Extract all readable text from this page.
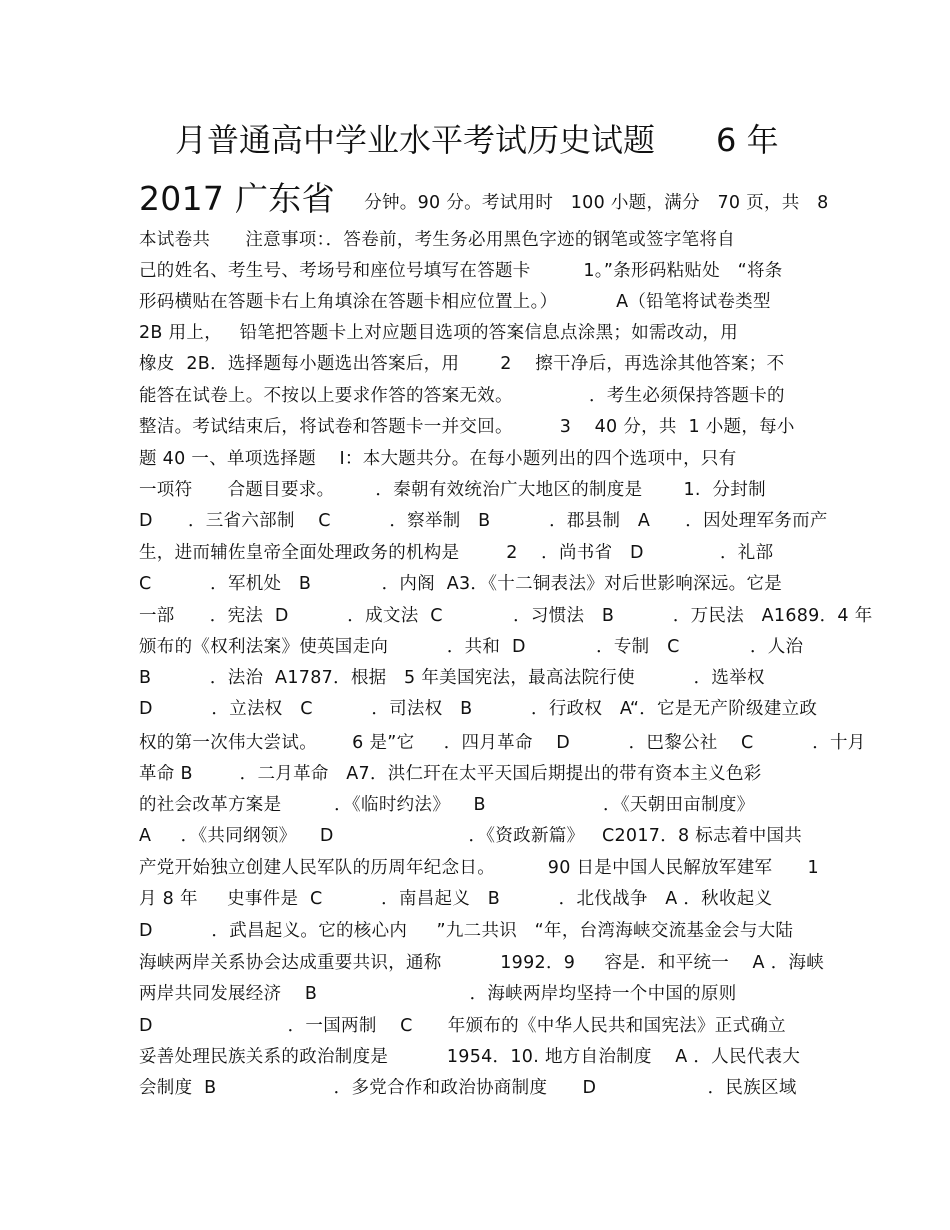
月普通高中学业水平考试历史试题      6 年
2017 广东省     分钟。90 分。考试用时   100 小题，满分   70 页，共   8
本试卷共      注意事项：．答卷前，考生务必用黑色字迹的钢笔或签字笔将自
己的姓名、考生号、考场号和座位号填写在答题卡         1。”条形码粘贴处   “将条
形码横贴在答题卡右上角填涂在答题卡相应位置上。）          A（铅笔将试卷类型
2B 用上，   铅笔把答题卡上对应题目选项的答案信息点涂黑；如需改动，用
橡皮  2B．选择题每小题选出答案后，用       2    擦干净后，再选涂其他答案；不
能答在试卷上。不按以上要求作答的答案无效。             ．考生必须保持答题卡的
整洁。考试结束后，将试卷和答题卡一并交回。        3    40 分，共  1 小题，每小
题 40 一、单项选择题    Ⅰ：本大题共分。在每小题列出的四个选项中，只有
一项符      合题目要求。       ．秦朝有效统治广大地区的制度是       1.  分封制
D      ．三省六部制    C          ．察举制   B          ．郡县制   A      ．因处理军务而产
生，进而辅佐皇帝全面处理政务的机构是        2    ．尚书省   D             ．礼部
C          ．军机处   B            ．内阁  A3．《十二铜表法》对后世影响深远。它是
一部      ．宪法  D          ．成文法  C            ．习惯法   B          ．万民法   A1689．4 年
颁布的《权利法案》使英国走向          ．共和  D            ．专制   C            ．人治
B          ．法治  A1787．根据   5 年美国宪法，最高法院行使          ．选举权
D          ．立法权   C          ．司法权   B          ．行政权   A“．它是无产阶级建立政
权的第一次伟大尝试。      6 是”它     ．四月革命    D          ．巴黎公社    C          ．十月
革命 B        ．二月革命   A7．洪仁玕在太平天国后期提出的带有资本主义色彩
的社会改革方案是         ．《临时约法》    B                    ．《天朝田亩制度》
A     ．《共同纲领》    D                       ．《资政新篇》   C2017．8 标志着中国共
产党开始独立创建人民军队的历周年纪念日。         90 日是中国人民解放军建军      1
月 8 年     史事件是  C          ．南昌起义   B          ．北伐战争   A ．秋收起义
D          ．武昌起义。它的核心内     ”九二共识   “年，台湾海峡交流基金会与大陆
海峡两岸关系协会达成重要共识，通称          1992．9     容是．和平统一    A ．海峡
两岸共同发展经济    B                          ．海峡两岸均坚持一个中国的原则
D                       ．一国两制    C      年颁布的《中华人民共和国宪法》正式确立
妥善处理民族关系的政治制度是          1954．10. 地方自治制度    A ．人民代表大
会制度  B                    ．多党合作和政治协商制度      D                   ．民族区域
